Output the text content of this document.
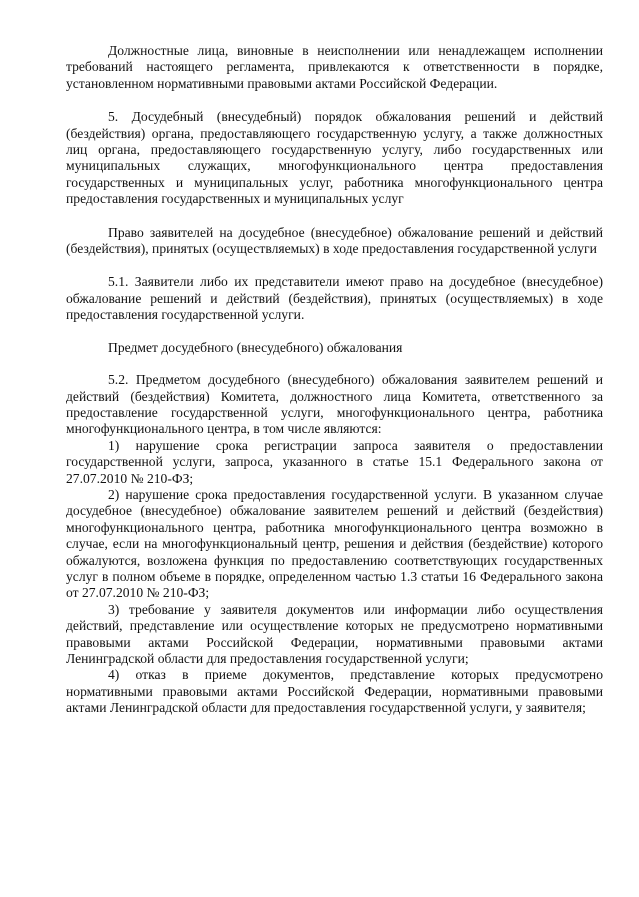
Должностные лица, виновные в неисполнении или ненадлежащем исполнении требований настоящего регламента, привлекаются к ответственности в порядке, установленном нормативными правовыми актами Российской Федерации.

5. Досудебный (внесудебный) порядок обжалования решений и действий (бездействия) органа, предоставляющего государственную услугу, а также должностных лиц органа, предоставляющего государственную услугу, либо государственных или муниципальных служащих, многофункционального центра предоставления государственных и муниципальных услуг, работника многофункционального центра предоставления государственных и муниципальных услуг

Право заявителей на досудебное (внесудебное) обжалование решений и действий (бездействия), принятых (осуществляемых) в ходе предоставления государственной услуги

5.1. Заявители либо их представители имеют право на досудебное (внесудебное) обжалование решений и действий (бездействия), принятых (осуществляемых) в ходе предоставления государственной услуги.

Предмет досудебного (внесудебного) обжалования

5.2. Предметом досудебного (внесудебного) обжалования заявителем решений и действий (бездействия) Комитета, должностного лица Комитета, ответственного за предоставление государственной услуги, многофункционального центра, работника многофункционального центра, в том числе являются:

1) нарушение срока регистрации запроса заявителя о предоставлении государственной услуги, запроса, указанного в статье 15.1 Федерального закона от 27.07.2010 № 210-ФЗ;

2) нарушение срока предоставления государственной услуги. В указанном случае досудебное (внесудебное) обжалование заявителем решений и действий (бездействия) многофункционального центра, работника многофункционального центра возможно в случае, если на многофункциональный центр, решения и действия (бездействие) которого обжалуются, возложена функция по предоставлению соответствующих государственных услуг в полном объеме в порядке, определенном частью 1.3 статьи 16 Федерального закона от 27.07.2010 № 210-ФЗ;

3) требование у заявителя документов или информации либо осуществления действий, представление или осуществление которых не предусмотрено нормативными правовыми актами Российской Федерации, нормативными правовыми актами Ленинградской области для предоставления государственной услуги;

4) отказ в приеме документов, представление которых предусмотрено нормативными правовыми актами Российской Федерации, нормативными правовыми актами Ленинградской области для предоставления государственной услуги, у заявителя;
